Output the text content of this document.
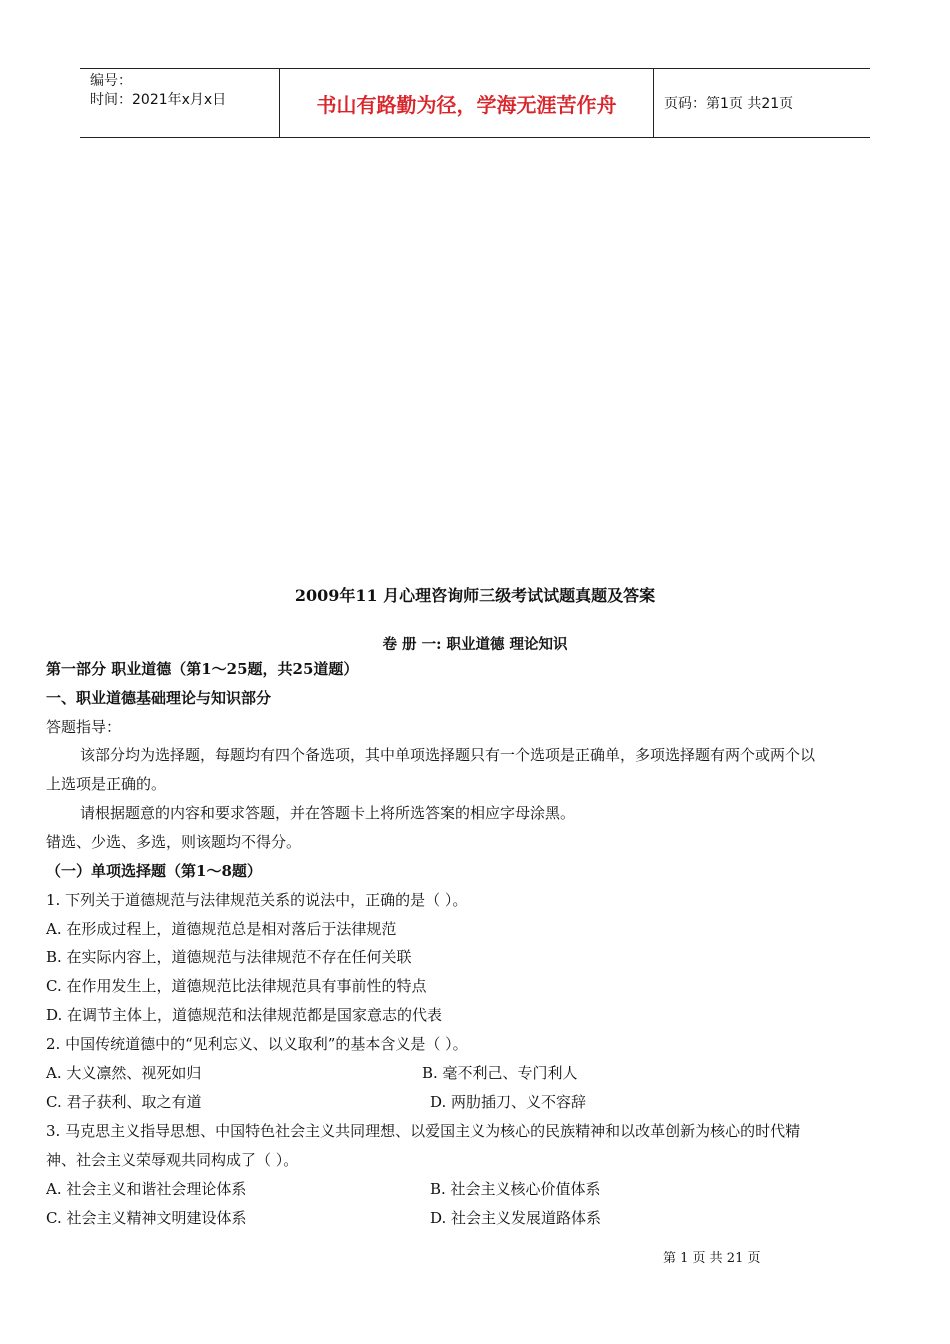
编号：
时间：2021年x月x日	书山有路勤为径，学海无涯苦作舟	页码：第1页 共21页
2009年11 月心理咨询师三级考试试题真题及答案
卷 册 一: 职业道德 理论知识
第一部分 职业道德（第1～25题，共25道题）
一、职业道德基础理论与知识部分
答题指导：
该部分均为选择题，每题均有四个备选项，其中单项选择题只有一个选项是正确单，多项选择题有两个或两个以
上选项是正确的。
请根据题意的内容和要求答题，并在答题卡上将所选答案的相应字母涂黑。
错选、少选、多选，则该题均不得分。
（一）单项选择题（第1～8题）
1. 下列关于道德规范与法律规范关系的说法中，正确的是（ ）。
A. 在形成过程上，道德规范总是相对落后于法律规范
B. 在实际内容上，道德规范与法律规范不存在任何关联
C. 在作用发生上，道德规范比法律规范具有事前性的特点
D. 在调节主体上，道德规范和法律规范都是国家意志的代表
2. 中国传统道德中的“见利忘义、以义取利”的基本含义是（ ）。
A. 大义凛然、视死如归	B. 毫不利己、专门利人
C. 君子获利、取之有道	D. 两肋插刀、义不容辞
3. 马克思主义指导思想、中国特色社会主义共同理想、以爱国主义为核心的民族精神和以改革创新为核心的时代精
神、社会主义荣辱观共同构成了（ ）。
A. 社会主义和谐社会理论体系	B. 社会主义核心价值体系
C. 社会主义精神文明建设体系	D. 社会主义发展道路体系
第 1 页 共 21 页
